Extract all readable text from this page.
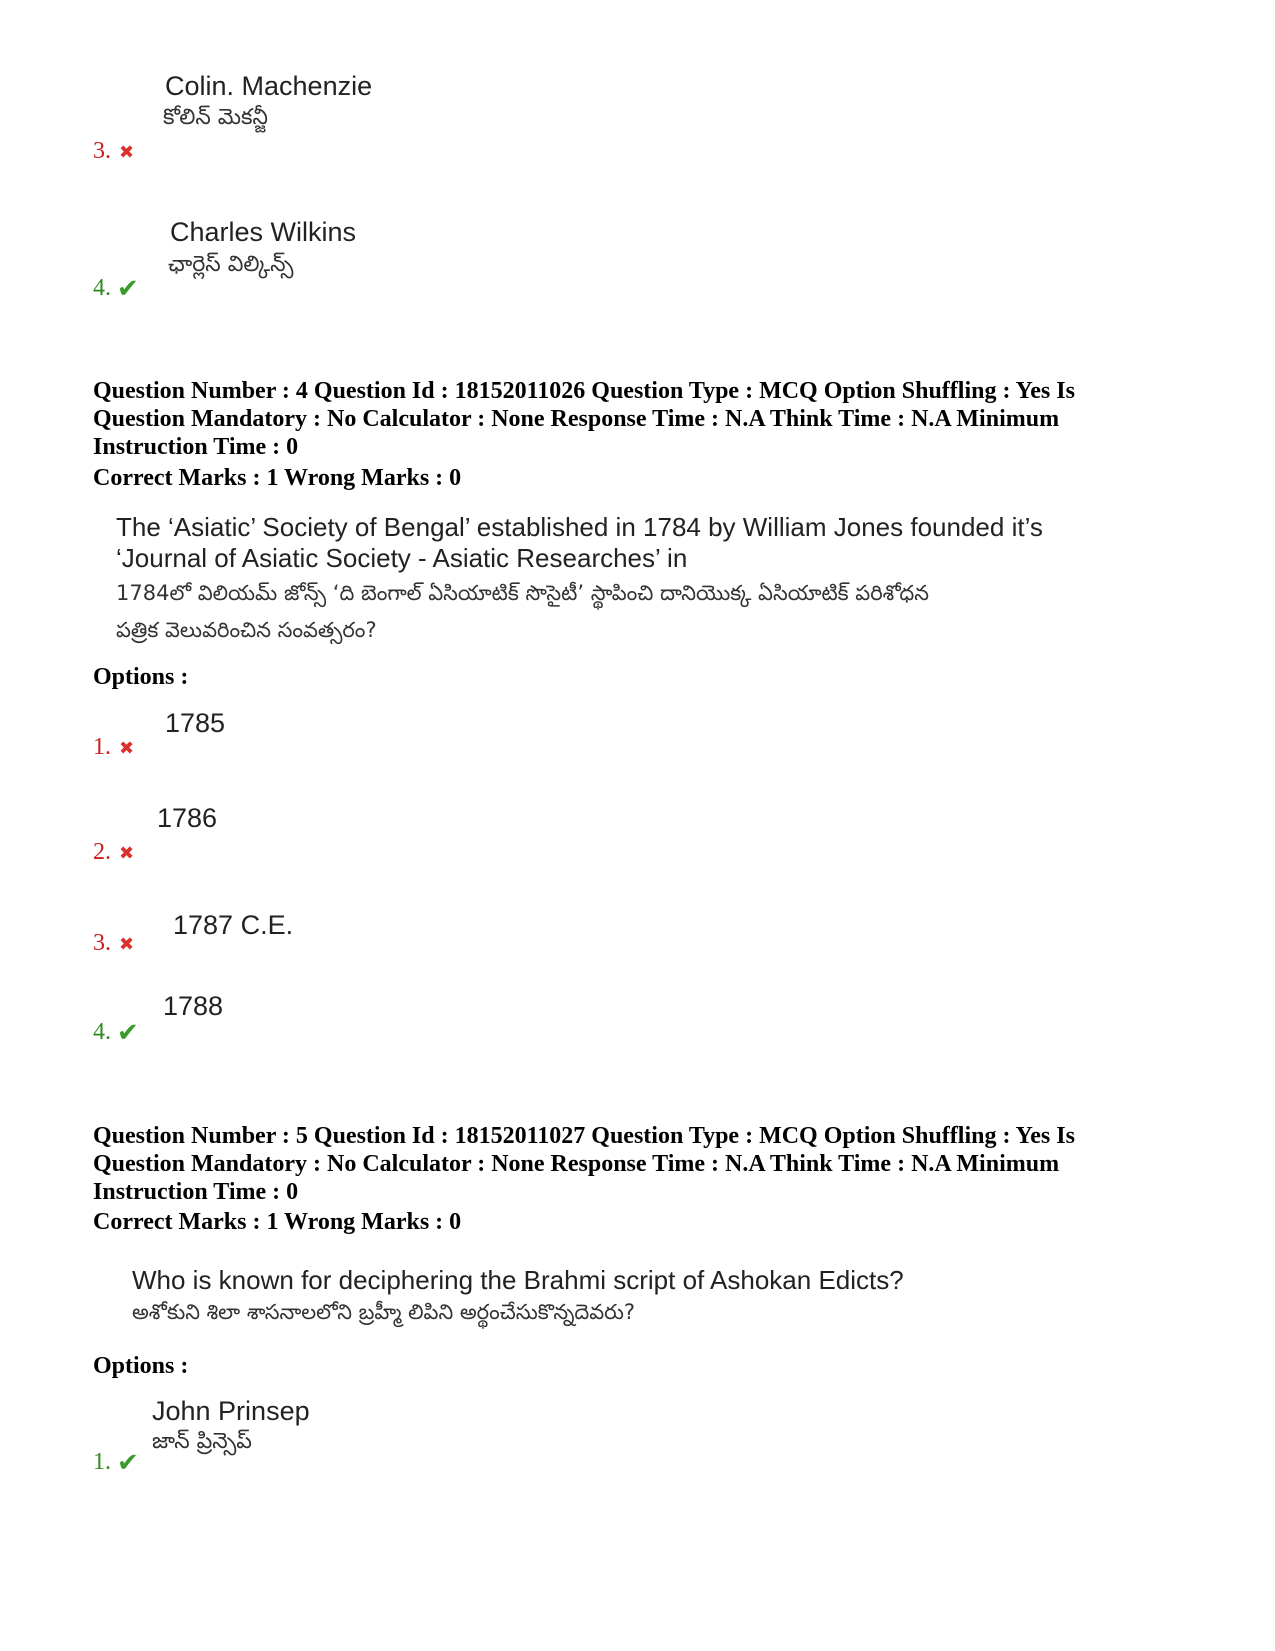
Colin. Machenzie
కోలిన్ మెకన్జీ
3. ✖
Charles Wilkins
ఛార్లెస్ విల్కిన్స్
4. ✔
Question Number : 4 Question Id : 18152011026 Question Type : MCQ Option Shuffling : Yes Is
Question Mandatory : No Calculator : None Response Time : N.A Think Time : N.A Minimum
Instruction Time : 0
Correct Marks : 1 Wrong Marks : 0
The ‘Asiatic’ Society of Bengal’ established in 1784 by William Jones founded it’s
‘Journal of Asiatic Society - Asiatic Researches’ in
1784లో విలియమ్ జోన్స్ ‘ది బెంగాల్ ఏసియాటిక్ సొసైటీ’ స్థాపించి దానియొక్క ఏసియాటిక్ పరిశోధన
పత్రిక వెలువరించిన సంవత్సరం?
Options :
1785
1. ✖
1786
2. ✖
1787 C.E.
3. ✖
1788
4. ✔
Question Number : 5 Question Id : 18152011027 Question Type : MCQ Option Shuffling : Yes Is
Question Mandatory : No Calculator : None Response Time : N.A Think Time : N.A Minimum
Instruction Time : 0
Correct Marks : 1 Wrong Marks : 0
Who is known for deciphering the Brahmi script of Ashokan Edicts?
అశోకుని శిలా శాసనాలలోని బ్రహ్మీ లిపిని అర్థంచేసుకొన్నదెవరు?
Options :
John Prinsep
జాన్ ప్రిన్సెప్
1. ✔
